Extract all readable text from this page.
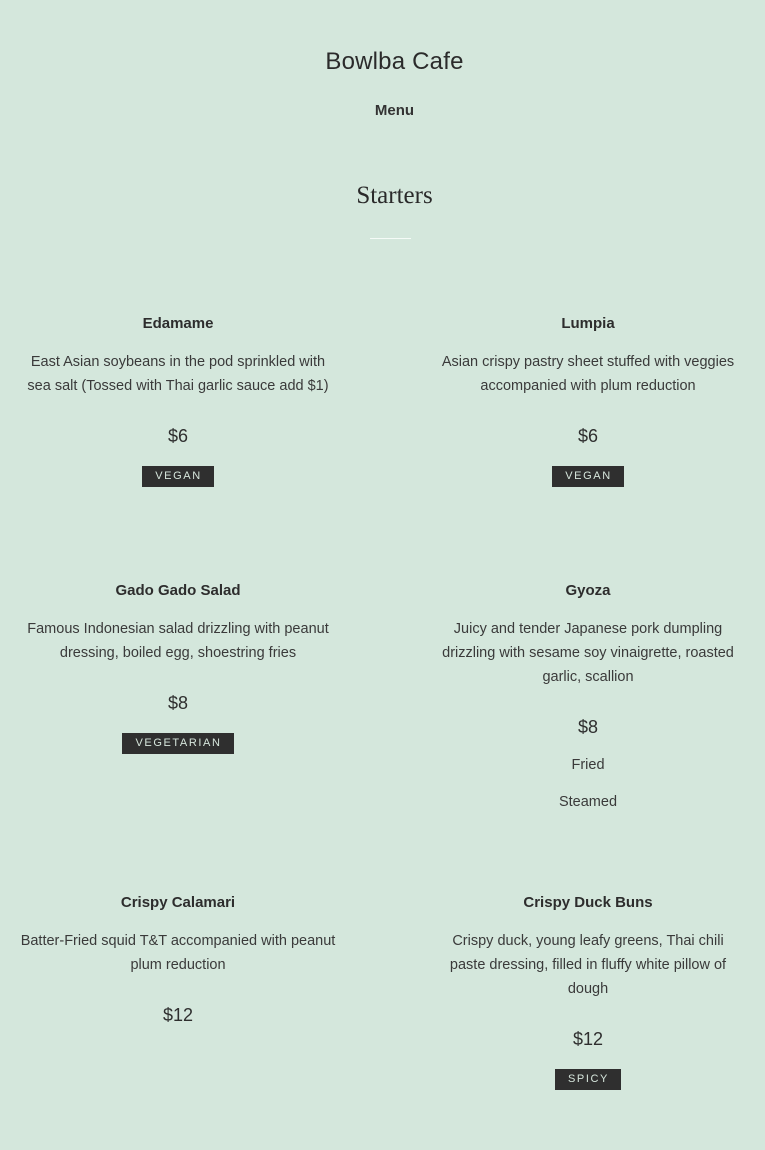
Bowlba Cafe
Menu
Starters
Edamame
East Asian soybeans in the pod sprinkled with sea salt (Tossed with Thai garlic sauce add $1)
$6
VEGAN
Lumpia
Asian crispy pastry sheet stuffed with veggies accompanied with plum reduction
$6
VEGAN
Gado Gado Salad
Famous Indonesian salad drizzling with peanut dressing, boiled egg, shoestring fries
$8
VEGETARIAN
Gyoza
Juicy and tender Japanese pork dumpling drizzling with sesame soy vinaigrette, roasted garlic, scallion
$8
Fried
Steamed
Crispy Calamari
Batter-Fried squid T&T accompanied with peanut plum reduction
$12
Crispy Duck Buns
Crispy duck, young leafy greens, Thai chili paste dressing, filled in fluffy white pillow of dough
$12
SPICY
